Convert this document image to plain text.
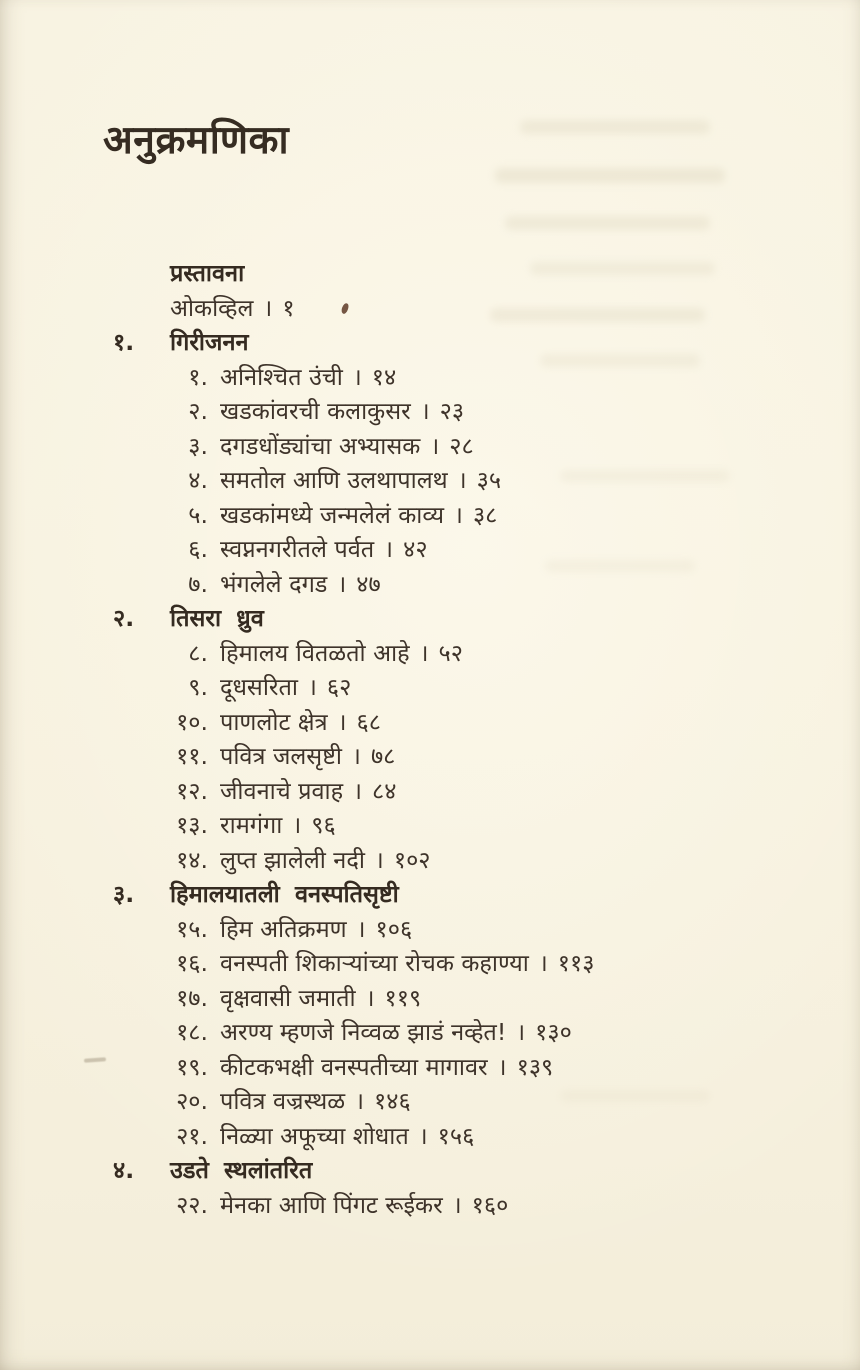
अनुक्रमणिका
प्रस्तावना
ओकव्हिल । १
१. गिरीजनन
१. अनिश्चित उंची । १४
२. खडकांवरची कलाकुसर । २३
३. दगडधोंड्यांचा अभ्यासक । २८
४. समतोल आणि उलथापालथ । ३५
५. खडकांमध्ये जन्मलेलं काव्य । ३८
६. स्वप्ननगरीतले पर्वत । ४२
७. भंगलेले दगड । ४७
२. तिसरा ध्रुव
८. हिमालय वितळतो आहे । ५२
९. दूधसरिता । ६२
१०. पाणलोट क्षेत्र । ६८
११. पवित्र जलसृष्टी । ७८
१२. जीवनाचे प्रवाह । ८४
१३. रामगंगा । ९६
१४. लुप्त झालेली नदी । १०२
३. हिमालयातली वनस्पतिसृष्टी
१५. हिम अतिक्रमण । १०६
१६. वनस्पती शिकाऱ्यांच्या रोचक कहाण्या । ११३
१७. वृक्षवासी जमाती । ११९
१८. अरण्य म्हणजे निव्वळ झाडं नव्हेत! । १३०
१९. कीटकभक्षी वनस्पतीच्या मागावर । १३९
२०. पवित्र वज्रस्थळ । १४६
२१. निळ्या अफूच्या शोधात । १५६
४. उडते स्थलांतरित
२२. मेनका आणि पिंगट रूईकर । १६०
